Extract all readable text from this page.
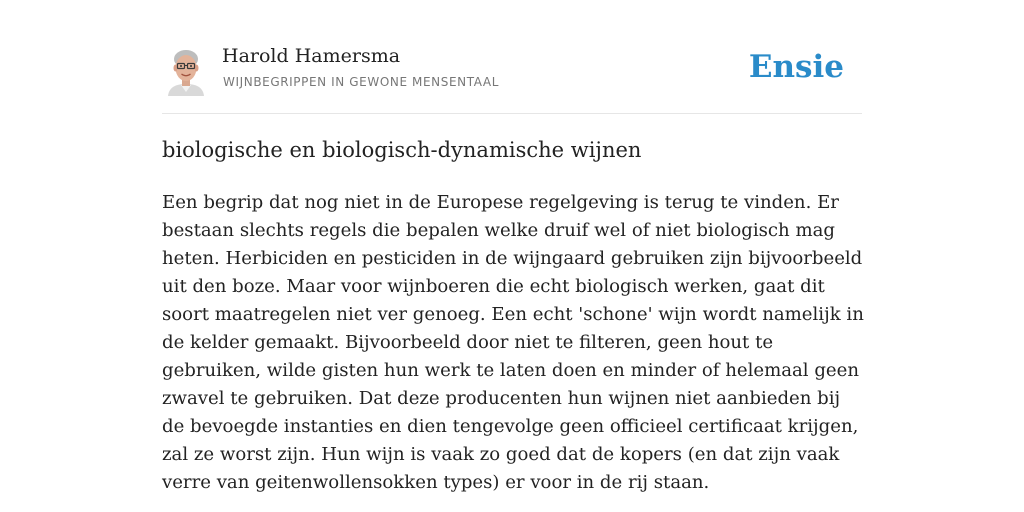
Harold Hamersma
WIJNBEGRIPPEN IN GEWONE MENSENTAAL	Ensie
biologische en biologisch-dynamische wijnen

Een begrip dat nog niet in de Europese regelgeving is terug te vinden. Er bestaan slechts regels die bepalen welke druif wel of niet biologisch mag heten. Herbiciden en pesticiden in de wijngaard gebruiken zijn bijvoorbeeld uit den boze. Maar voor wijnboeren die echt biologisch werken, gaat dit soort maatregelen niet ver genoeg. Een echt 'schone' wijn wordt namelijk in de kelder gemaakt. Bijvoorbeeld door niet te filteren, geen hout te gebruiken, wilde gisten hun werk te laten doen en minder of helemaal geen zwavel te gebruiken. Dat deze producenten hun wijnen niet aanbieden bij de bevoegde instanties en dien tengevolge geen officieel certificaat krijgen, zal ze worst zijn. Hun wijn is vaak zo goed dat de kopers (en dat zijn vaak verre van geitenwollensokken types) er voor in de rij staan.
